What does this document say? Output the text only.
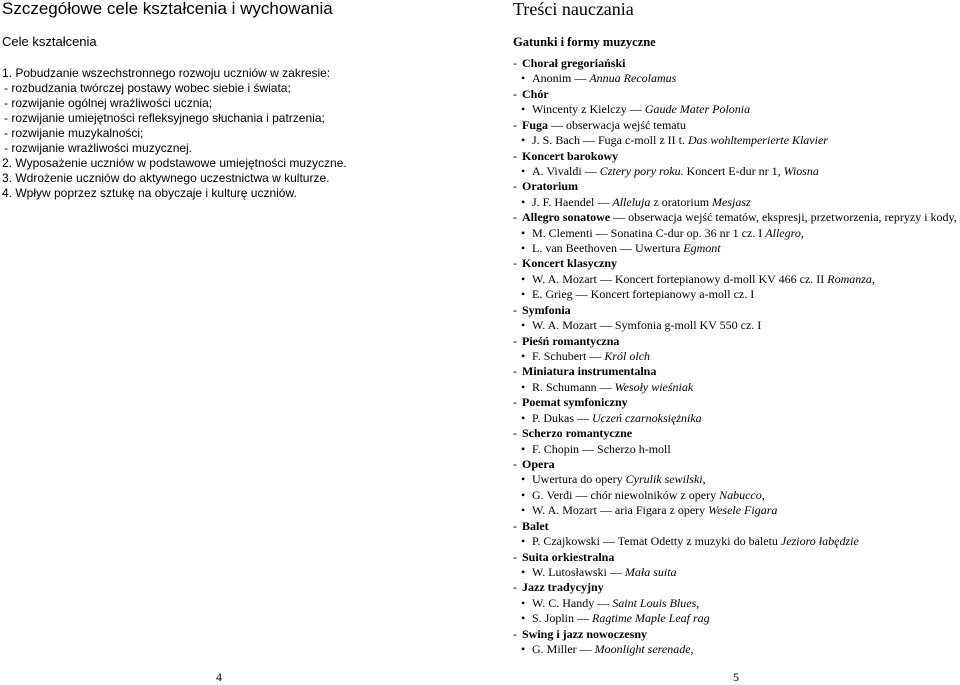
Szczegółowe cele kształcenia i wychowania
Cele kształcenia
1. Pobudzanie wszechstronnego rozwoju uczniów w zakresie:
- rozbudzania twórczej postawy wobec siebie i świata;
- rozwijanie ogólnej wrażliwości ucznia;
- rozwijanie umiejętności refleksyjnego słuchania i patrzenia;
- rozwijanie muzykalności;
- rozwijanie wrażliwości muzycznej.
2. Wyposażenie uczniów w podstawowe umiejętności muzyczne.
3. Wdrożenie uczniów do aktywnego uczestnictwa w kulturze.
4. Wpływ poprzez sztukę na obyczaje i kulturę uczniów.
4
Treści nauczania
Gatunki i formy muzyczne
- Chorał gregoriański
• Anonim — Annua Recolamus
- Chór
• Wincenty z Kielczy — Gaude Mater Polonia
- Fuga — obserwacja wejść tematu
• J. S. Bach — Fuga c-moll z II t. Das wohltemperierte Klavier
- Koncert barokowy
• A. Vivaldi — Cztery pory roku. Koncert E-dur nr 1, Wiosna
- Oratorium
• J. F. Haendel — Alleluja z oratorium Mesjasz
- Allegro sonatowe — obserwacja wejść tematów, ekspresji, przetworzenia, repryzy i kody,
• M. Clementi — Sonatina C-dur op. 36 nr 1 cz. I Allegro,
• L. van Beethoven — Uwertura Egmont
- Koncert klasyczny
• W. A. Mozart — Koncert fortepianowy d-moll KV 466 cz. II Romanza,
• E. Grieg — Koncert fortepianowy a-moll cz. I
- Symfonia
• W. A. Mozart — Symfonia g-moll KV 550 cz. I
- Pieśń romantyczna
• F. Schubert — Król olch
- Miniatura instrumentalna
• R. Schumann — Wesoły wieśniak
- Poemat symfoniczny
• P. Dukas — Uczeń czarnoksiężnika
- Scherzo romantyczne
• F. Chopin — Scherzo h-moll
- Opera
• Uwertura do opery Cyrulik sewilski,
• G. Verdi — chór niewolników z opery Nabucco,
• W. A. Mozart — aria Figara z opery Wesele Figara
- Balet
• P. Czajkowski — Temat Odetty z muzyki do baletu Jezioro łabędzie
- Suita orkiestralna
• W. Lutosławski — Mała suita
- Jazz tradycyjny
• W. C. Handy — Saint Louis Blues,
• S. Joplin — Ragtime Maple Leaf rag
- Swing i jazz nowoczesny
• G. Miller — Moonlight serenade,
5
